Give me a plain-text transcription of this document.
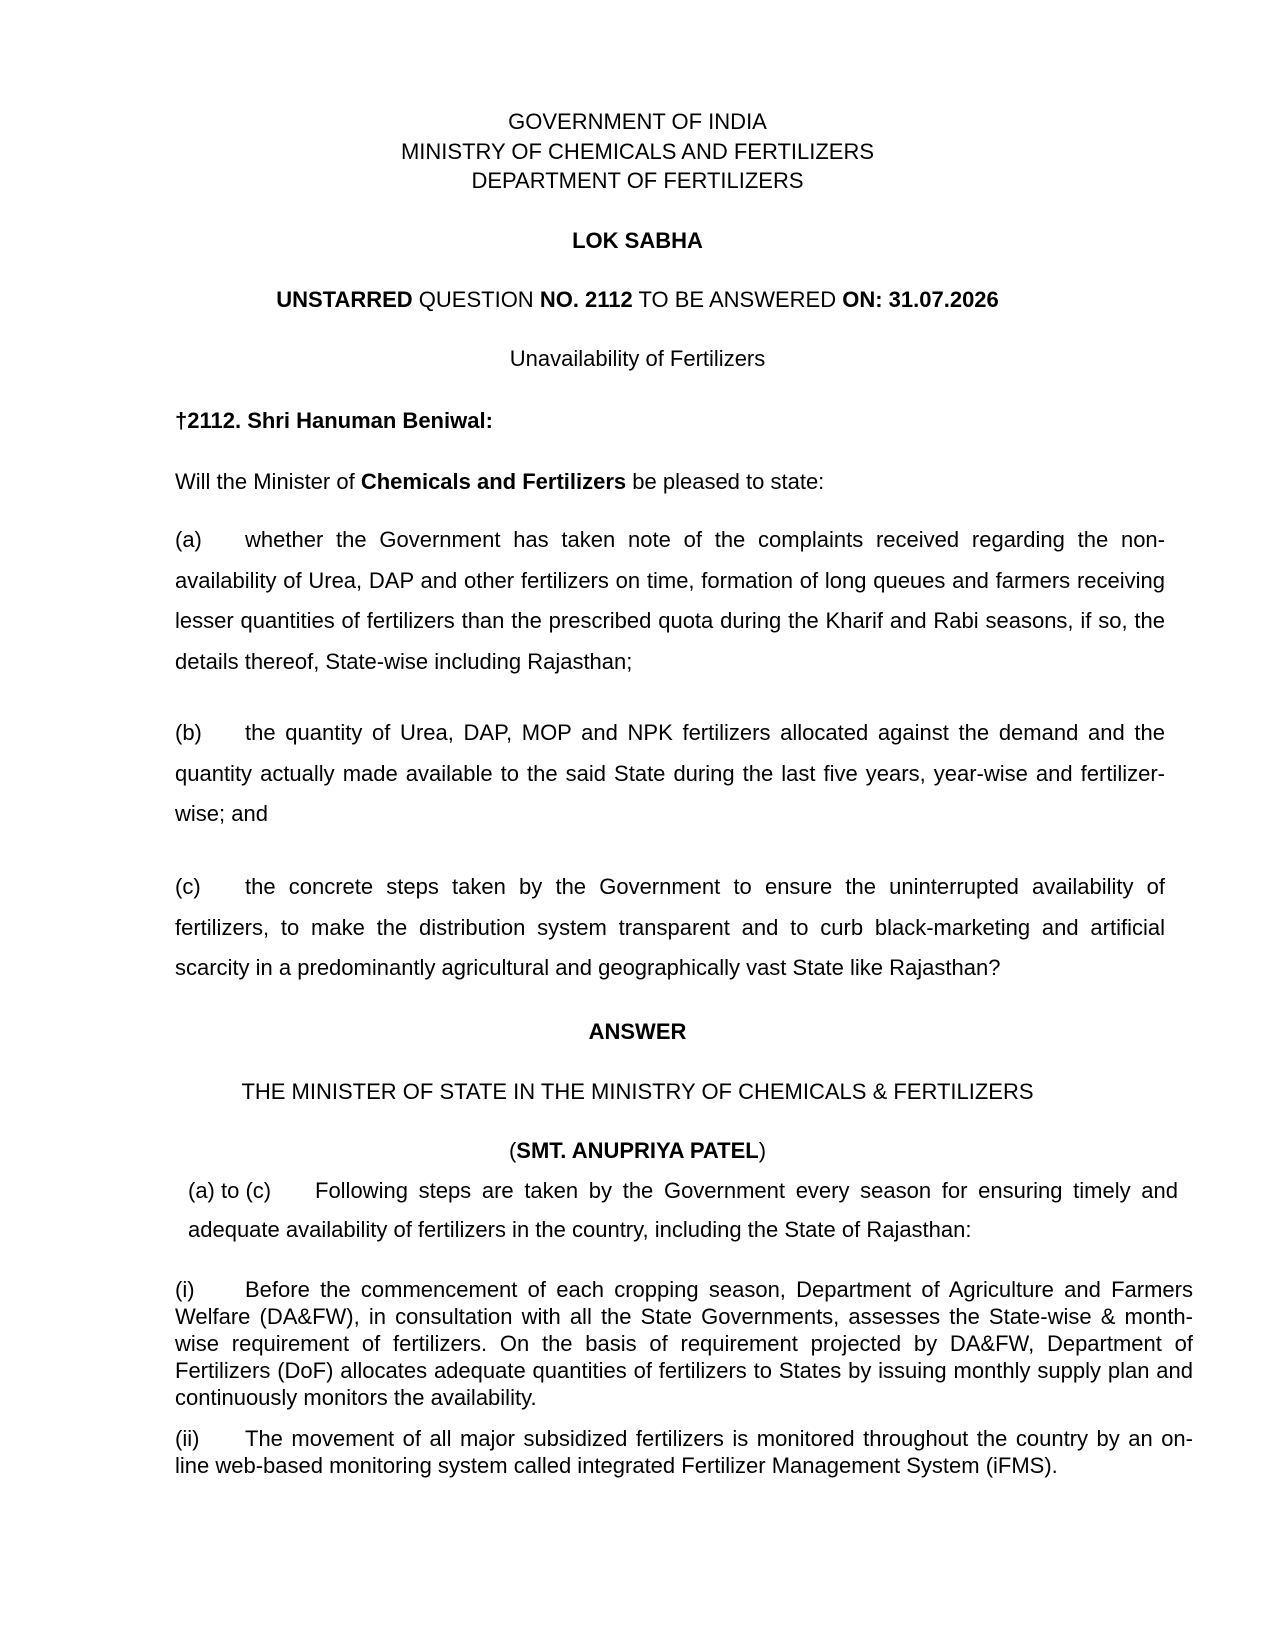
GOVERNMENT OF INDIA
MINISTRY OF CHEMICALS AND FERTILIZERS
DEPARTMENT OF FERTILIZERS
LOK SABHA
UNSTARRED QUESTION NO. 2112 TO BE ANSWERED ON: 31.07.2026
Unavailability of Fertilizers
†2112. Shri Hanuman Beniwal:
Will the Minister of Chemicals and Fertilizers be pleased to state:
(a) whether the Government has taken note of the complaints received regarding the non-availability of Urea, DAP and other fertilizers on time, formation of long queues and farmers receiving lesser quantities of fertilizers than the prescribed quota during the Kharif and Rabi seasons, if so, the details thereof, State-wise including Rajasthan;
(b) the quantity of Urea, DAP, MOP and NPK fertilizers allocated against the demand and the quantity actually made available to the said State during the last five years, year-wise and fertilizer-wise; and
(c) the concrete steps taken by the Government to ensure the uninterrupted availability of fertilizers, to make the distribution system transparent and to curb black-marketing and artificial scarcity in a predominantly agricultural and geographically vast State like Rajasthan?
ANSWER
THE MINISTER OF STATE IN THE MINISTRY OF CHEMICALS & FERTILIZERS
(SMT. ANUPRIYA PATEL)
(a) to (c) Following steps are taken by the Government every season for ensuring timely and adequate availability of fertilizers in the country, including the State of Rajasthan:
(i) Before the commencement of each cropping season, Department of Agriculture and Farmers Welfare (DA&FW), in consultation with all the State Governments, assesses the State-wise & month-wise requirement of fertilizers. On the basis of requirement projected by DA&FW, Department of Fertilizers (DoF) allocates adequate quantities of fertilizers to States by issuing monthly supply plan and continuously monitors the availability.
(ii) The movement of all major subsidized fertilizers is monitored throughout the country by an on-line web-based monitoring system called integrated Fertilizer Management System (iFMS).
